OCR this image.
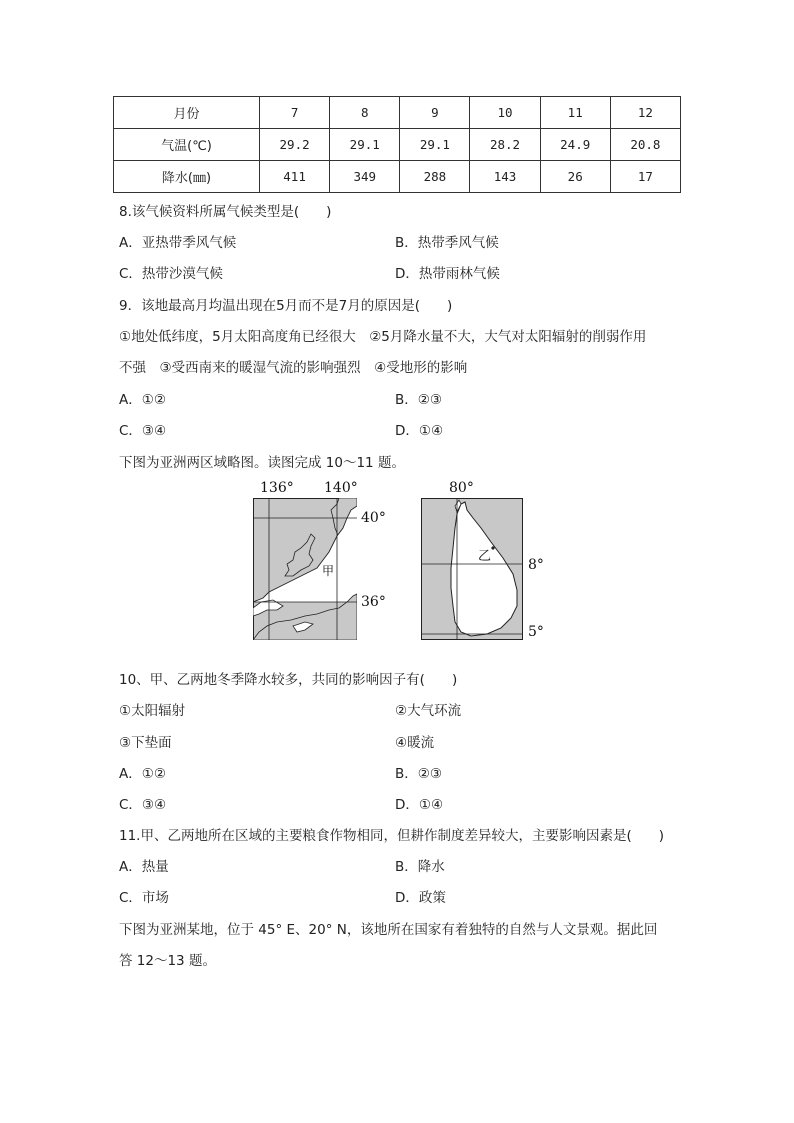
月份	7	8	9	10	11	12
气温(℃)	29.2	29.1	29.1	28.2	24.9	20.8
降水(㎜)	411	349	288	143	26	17
8.该气候资料所属气候类型是(　　)
A．亚热带季风气候	B．热带季风气候
C．热带沙漠气候	D．热带雨林气候
9．该地最高月均温出现在5月而不是7月的原因是(　　)
①地处低纬度，5月太阳高度角已经很大　②5月降水量不大，大气对太阳辐射的削弱作用
不强　③受西南来的暖湿气流的影响强烈　④受地形的影响
A．①②	B．②③
C．③④	D．①④
下图为亚洲两区域略图。读图完成 10～11 题。
136° 140°
40°
36°
甲
80°
8°
5°
乙
10、甲、乙两地冬季降水较多，共同的影响因子有(　　)
①太阳辐射	②大气环流
③下垫面	④暖流
A．①②	B．②③
C．③④	D．①④
11.甲、乙两地所在区域的主要粮食作物相同，但耕作制度差异较大，主要影响因素是(　　)
A．热量	B．降水
C．市场	D．政策
下图为亚洲某地，位于 45° E、20° N，该地所在国家有着独特的自然与人文景观。据此回
答 12～13 题。
